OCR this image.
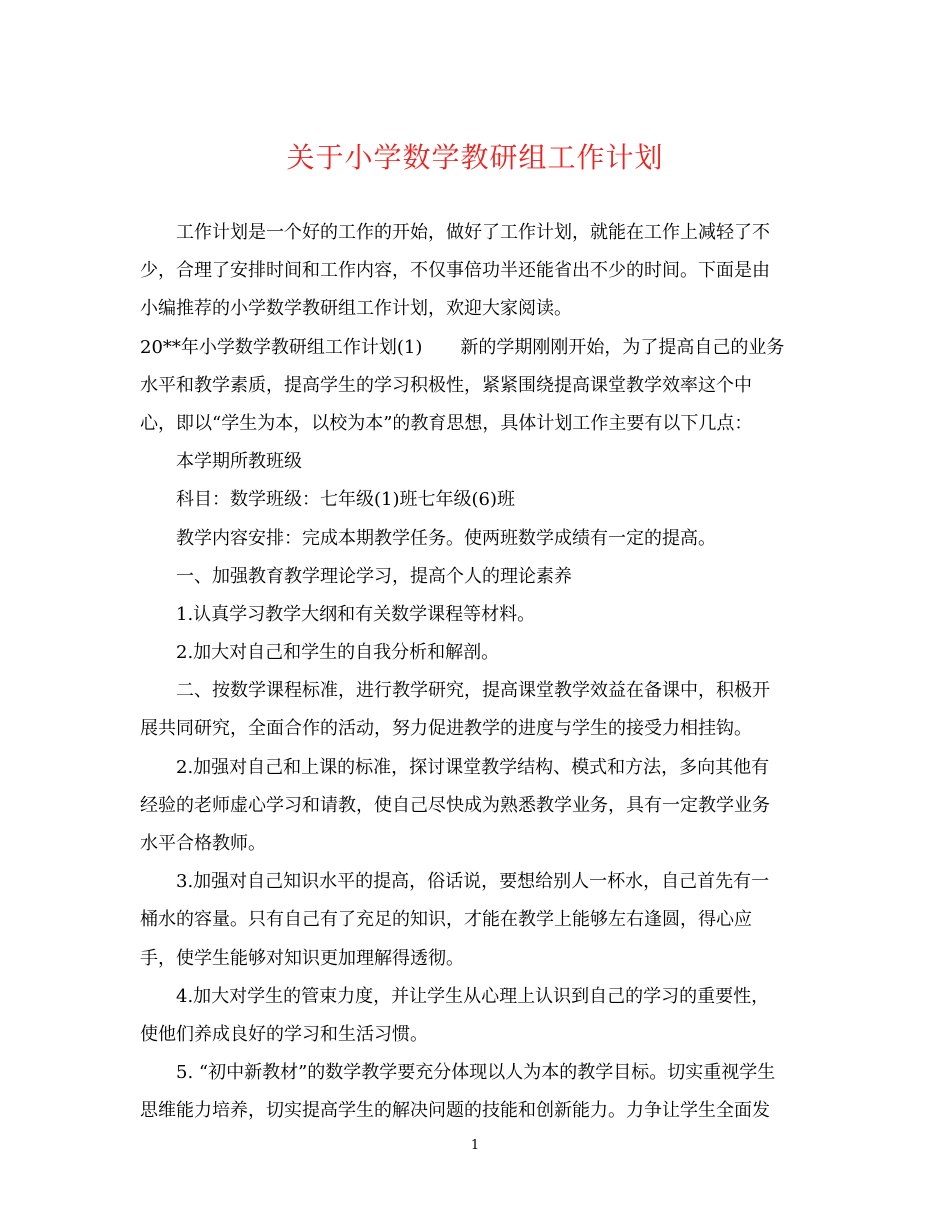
关于小学数学教研组工作计划
工作计划是一个好的工作的开始，做好了工作计划，就能在工作上减轻了不
少，合理了安排时间和工作内容，不仅事倍功半还能省出不少的时间。下面是由
小编推荐的小学数学教研组工作计划，欢迎大家阅读。
20**年小学数学教研组工作计划(1) 新的学期刚刚开始，为了提高自己的业务
水平和教学素质，提高学生的学习积极性，紧紧围绕提高课堂教学效率这个中
心，即以“学生为本，以校为本”的教育思想，具体计划工作主要有以下几点：
本学期所教班级
科目：数学班级：七年级(1)班七年级(6)班
教学内容安排：完成本期教学任务。使两班数学成绩有一定的提高。
一、加强教育教学理论学习，提高个人的理论素养
1.认真学习教学大纲和有关数学课程等材料。
2.加大对自己和学生的自我分析和解剖。
二、按数学课程标准，进行教学研究，提高课堂教学效益在备课中，积极开
展共同研究，全面合作的活动，努力促进教学的进度与学生的接受力相挂钩。
2.加强对自己和上课的标准，探讨课堂教学结构、模式和方法，多向其他有
经验的老师虚心学习和请教，使自己尽快成为熟悉教学业务，具有一定教学业务
水平合格教师。
3.加强对自己知识水平的提高，俗话说，要想给别人一杯水，自己首先有一
桶水的容量。只有自己有了充足的知识，才能在教学上能够左右逢圆，得心应
手，使学生能够对知识更加理解得透彻。
4.加大对学生的管束力度，并让学生从心理上认识到自己的学习的重要性，
使他们养成良好的学习和生活习惯。
5. “初中新教材”的数学教学要充分体现以人为本的教学目标。切实重视学生
思维能力培养，切实提高学生的解决问题的技能和创新能力。力争让学生全面发
1
